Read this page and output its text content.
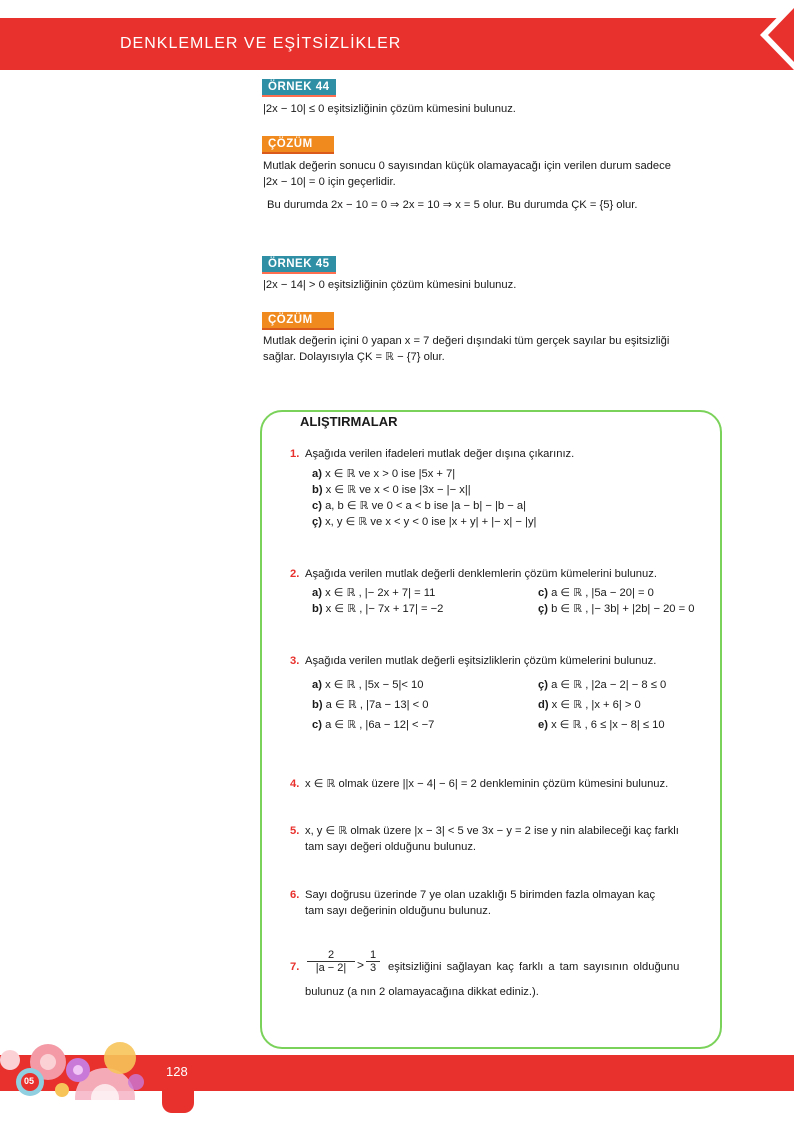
DENKLEMLER VE EŞİTSİZLİKLER
ÖRNEK 44
|2x − 10| ≤ 0 eşitsizliğinin çözüm kümesini bulunuz.
ÇÖZÜM
Mutlak değerin sonucu 0 sayısından küçük olamayacağı için verilen durum sadece
|2x − 10| = 0 için geçerlidir.
Bu durumda 2x − 10 = 0 ⇒ 2x = 10 ⇒ x = 5 olur. Bu durumda ÇK = {5} olur.
ÖRNEK 45
|2x − 14| > 0 eşitsizliğinin çözüm kümesini bulunuz.
ÇÖZÜM
Mutlak değerin içini 0 yapan x = 7 değeri dışındaki tüm gerçek sayılar bu eşitsizliği
sağlar. Dolayısıyla ÇK = ℝ − {7} olur.
ALIŞTIRMALAR
1. Aşağıda verilen ifadeleri mutlak değer dışına çıkarınız.
a) x ∈ ℝ ve x > 0 ise |5x + 7|
b) x ∈ ℝ ve x < 0 ise |3x − |− x||
c) a, b ∈ ℝ ve 0 < a < b ise |a − b| − |b − a|
ç) x, y ∈ ℝ ve x < y < 0 ise |x + y| + |− x| − |y|
2. Aşağıda verilen mutlak değerli denklemlerin çözüm kümelerini bulunuz.
a) x ∈ ℝ , |− 2x + 7| = 11	c) a ∈ ℝ , |5a − 20| = 0
b) x ∈ ℝ , |− 7x + 17| = −2	ç) b ∈ ℝ , |− 3b| + |2b| − 20 = 0
3. Aşağıda verilen mutlak değerli eşitsizliklerin çözüm kümelerini bulunuz.
a) x ∈ ℝ , |5x − 5|< 10	ç) a ∈ ℝ , |2a − 2| − 8 ≤ 0
b) a ∈ ℝ , |7a − 13| < 0	d) x ∈ ℝ , |x + 6| > 0
c) a ∈ ℝ , |6a − 12| < −7	e) x ∈ ℝ , 6 ≤ |x − 8| ≤ 10
4. x ∈ ℝ olmak üzere ||x − 4| − 6| = 2 denkleminin çözüm kümesini bulunuz.
5. x, y ∈ ℝ olmak üzere |x − 3| < 5 ve 3x − y = 2 ise y nin alabileceği kaç farklı
tam sayı değeri olduğunu bulunuz.
6. Sayı doğrusu üzerinde 7 ye olan uzaklığı 5 birimden fazla olmayan kaç
tam sayı değerinin olduğunu bulunuz.
7. $\frac{2}{|a - 2|} > \frac{1}{3}$ eşitsizliğini sağlayan kaç farklı a tam sayısının olduğunu
bulunuz (a nın 2 olamayacağına dikkat ediniz.).
128
05
